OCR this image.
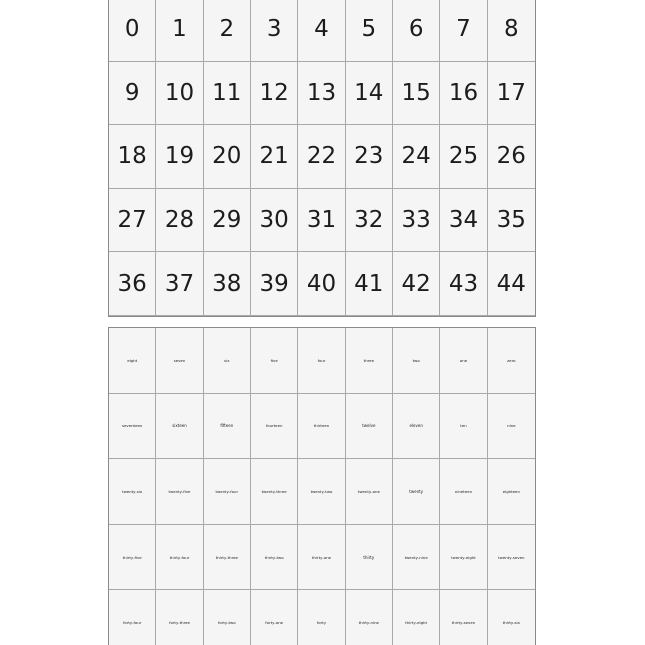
0	1	2	3	4	5	6	7	8
9	10 11 12 13 14 15 16 17
18 19 20 21 22 23 24 25 26
27 28 29 30 31 32 33 34 35
36 37 38 39 40 41 42 43 44
eight	seven	six	five	four	three	two	one	zero
seventeen	sixteen	fifteen	fourteen	thirteen	twelve	eleven	ten	nine
twenty-six	twenty-five	twenty-four	twenty-three	twenty-two	twenty-one	twenty	nineteen	eighteen
thirty-five	thirty-four	thirty-three	thirty-two	thirty-one	thirty	twenty-nine	twenty-eight	twenty-seven
forty-four	forty-three	forty-two	forty-one	forty	thirty-nine	thirty-eight	thirty-seven	thirty-six
